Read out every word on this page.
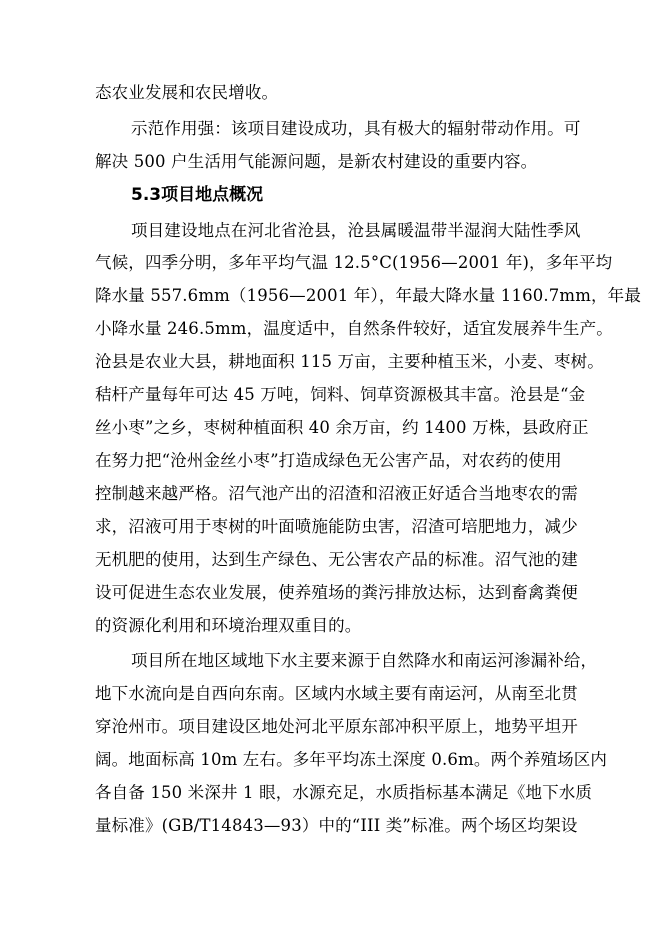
态农业发展和农民增收。
示范作用强：该项目建设成功，具有极大的辐射带动作用。可
解决 500 户生活用气能源问题，是新农村建设的重要内容。
5.3项目地点概况
项目建设地点在河北省沧县，沧县属暖温带半湿润大陆性季风
气候，四季分明，多年平均气温 12.5°C(1956—2001 年)，多年平均
降水量 557.6mm（1956—2001 年），年最大降水量 1160.7mm，年最
小降水量 246.5mm，温度适中，自然条件较好，适宜发展养牛生产。
沧县是农业大县，耕地面积 115 万亩，主要种植玉米，小麦、枣树。
秸杆产量每年可达 45 万吨，饲料、饲草资源极其丰富。沧县是“金
丝小枣”之乡，枣树种植面积 40 余万亩，约 1400 万株，县政府正
在努力把“沧州金丝小枣”打造成绿色无公害产品，对农药的使用
控制越来越严格。沼气池产出的沼渣和沼液正好适合当地枣农的需
求，沼液可用于枣树的叶面喷施能防虫害，沼渣可培肥地力，减少
无机肥的使用，达到生产绿色、无公害农产品的标准。沼气池的建
设可促进生态农业发展，使养殖场的粪污排放达标，达到畜禽粪便
的资源化利用和环境治理双重目的。
项目所在地区域地下水主要来源于自然降水和南运河渗漏补给，
地下水流向是自西向东南。区域内水域主要有南运河，从南至北贯
穿沧州市。项目建设区地处河北平原东部冲积平原上，地势平坦开
阔。地面标高 10m 左右。多年平均冻土深度 0.6m。两个养殖场区内
各自备 150 米深井 1 眼，水源充足，水质指标基本满足《地下水质
量标准》(GB/T14843—93）中的“III 类”标准。两个场区均架设
